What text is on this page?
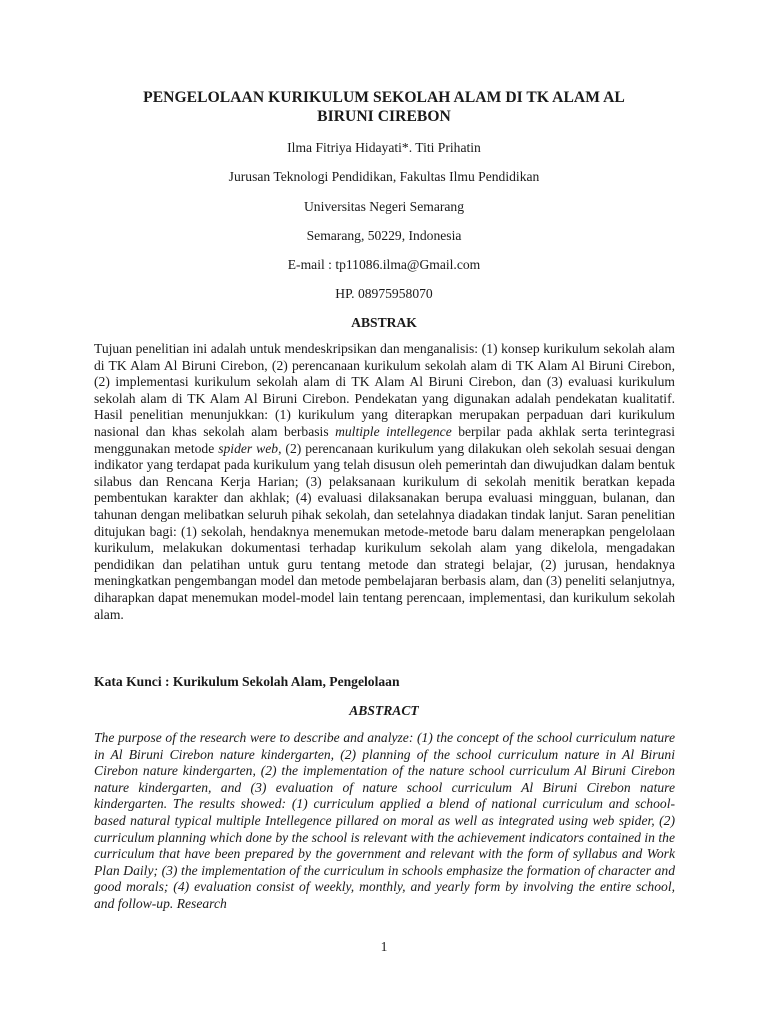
PENGELOLAAN KURIKULUM SEKOLAH ALAM DI TK ALAM AL
BIRUNI CIREBON
Ilma Fitriya Hidayati*. Titi Prihatin
Jurusan Teknologi Pendidikan, Fakultas Ilmu Pendidikan
Universitas Negeri Semarang
Semarang, 50229, Indonesia
E-mail : tp11086.ilma@Gmail.com
HP. 08975958070
ABSTRAK

Tujuan penelitian ini adalah untuk mendeskripsikan dan menganalisis: (1) konsep kurikulum sekolah alam di TK Alam Al Biruni Cirebon, (2) perencanaan kurikulum sekolah alam di TK Alam Al Biruni Cirebon, (2) implementasi kurikulum sekolah alam di TK Alam Al Biruni Cirebon, dan (3) evaluasi kurikulum sekolah alam di TK Alam Al Biruni Cirebon. Pendekatan yang digunakan adalah pendekatan kualitatif. Hasil penelitian menunjukkan: (1) kurikulum yang diterapkan merupakan perpaduan dari kurikulum nasional dan khas sekolah alam berbasis multiple intellegence berpilar pada akhlak serta terintegrasi menggunakan metode spider web, (2) perencanaan kurikulum yang dilakukan oleh sekolah sesuai dengan indikator yang terdapat pada kurikulum yang telah disusun oleh pemerintah dan diwujudkan dalam bentuk silabus dan Rencana Kerja Harian; (3) pelaksanaan kurikulum di sekolah menitik beratkan kepada pembentukan karakter dan akhlak; (4) evaluasi dilaksanakan berupa evaluasi mingguan, bulanan, dan tahunan dengan melibatkan seluruh pihak sekolah, dan setelahnya diadakan tindak lanjut. Saran penelitian ditujukan bagi: (1) sekolah, hendaknya menemukan metode-metode baru dalam menerapkan pengelolaan kurikulum, melakukan dokumentasi terhadap kurikulum sekolah alam yang dikelola, mengadakan pendidikan dan pelatihan untuk guru tentang metode dan strategi belajar, (2) jurusan, hendaknya meningkatkan pengembangan model dan metode pembelajaran berbasis alam, dan (3) peneliti selanjutnya, diharapkan dapat menemukan model-model lain tentang perencaan, implementasi, dan kurikulum sekolah alam.

Kata Kunci : Kurikulum Sekolah Alam, Pengelolaan
ABSTRACT

The purpose of the research were to describe and analyze: (1) the concept of the school curriculum nature in Al Biruni Cirebon nature kindergarten, (2) planning of the school curriculum nature in Al Biruni Cirebon nature kindergarten, (2) the implementation of the nature school curriculum Al Biruni Cirebon nature kindergarten, and (3) evaluation of nature school curriculum Al Biruni Cirebon nature kindergarten. The results showed: (1) curriculum applied a blend of national curriculum and school-based natural typical multiple Intellegence pillared on moral as well as integrated using web spider, (2) curriculum planning which done by the school is relevant with the achievement indicators contained in the curriculum that have been prepared by the government and relevant with the form of syllabus and Work Plan Daily; (3) the implementation of the curriculum in schools emphasize the formation of character and good morals; (4) evaluation consist of weekly, monthly, and yearly form by involving the entire school, and follow-up. Research

1
